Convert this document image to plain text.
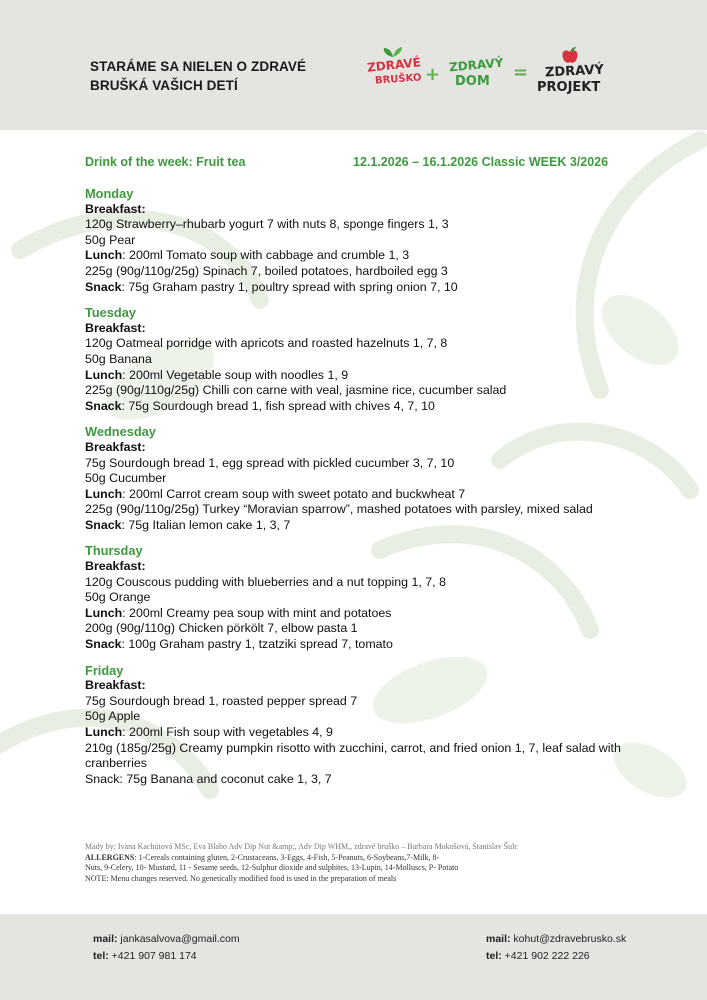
STARÁME SA NIELEN O ZDRAVÉ
BRUŠKÁ VAŠICH DETÍ
ZDRAVÉ
BRUŠKO + ZDRAVÝ
DOM = ZDRAVÝ
PROJEKT
Drink of the week: Fruit tea	12.1.2026 – 16.1.2026 Classic WEEK 3/2026
Monday
Breakfast:
120g Strawberry–rhubarb yogurt 7 with nuts 8, sponge fingers 1, 3
50g Pear
Lunch: 200ml Tomato soup with cabbage and crumble 1, 3
225g (90g/110g/25g) Spinach 7, boiled potatoes, hardboiled egg 3
Snack: 75g Graham pastry 1, poultry spread with spring onion 7, 10
Tuesday
Breakfast:
120g Oatmeal porridge with apricots and roasted hazelnuts 1, 7, 8
50g Banana
Lunch: 200ml Vegetable soup with noodles 1, 9
225g (90g/110g/25g) Chilli con carne with veal, jasmine rice, cucumber salad
Snack: 75g Sourdough bread 1, fish spread with chives 4, 7, 10
Wednesday
Breakfast:
75g Sourdough bread 1, egg spread with pickled cucumber 3, 7, 10
50g Cucumber
Lunch: 200ml Carrot cream soup with sweet potato and buckwheat 7
225g (90g/110g/25g) Turkey “Moravian sparrow”, mashed potatoes with parsley, mixed salad
Snack: 75g Italian lemon cake 1, 3, 7
Thursday
Breakfast:
120g Couscous pudding with blueberries and a nut topping 1, 7, 8
50g Orange
Lunch: 200ml Creamy pea soup with mint and potatoes
200g (90g/110g) Chicken pörkölt 7, elbow pasta 1
Snack: 100g Graham pastry 1, tzatziki spread 7, tomato
Friday
Breakfast:
75g Sourdough bread 1, roasted pepper spread 7
50g Apple
Lunch: 200ml Fish soup with vegetables 4, 9
210g (185g/25g) Creamy pumpkin risotto with zucchini, carrot, and fried onion 1, 7, leaf salad with cranberries
Snack: 75g Banana and coconut cake 1, 3, 7
Mady by: Ivana Kachútová MSc, Eva Blaho Adv Dip Nut &amp;, Adv Dip WHM,, zdravé bruško – Barbara Mokošová, Stanislav Šulc
ALLERGENS: 1-Cereals containing gluten, 2-Crustaceans, 3-Eggs, 4-Fish, 5-Peanuts, 6-Soybeans,7-Milk, 8-
Nuts, 9-Celery, 10- Mustard, 11 - Sesame seeds, 12-Sulphur dioxide and sulphites, 13-Lupin, 14-Molluscs, P- Potato
NOTE: Menu changes reserved. No genetically modified food is used in the preparation of meals
mail: jankasalvova@gmail.com
tel: +421 907 981 174
mail: kohut@zdravebrusko.sk
tel: +421 902 222 226
